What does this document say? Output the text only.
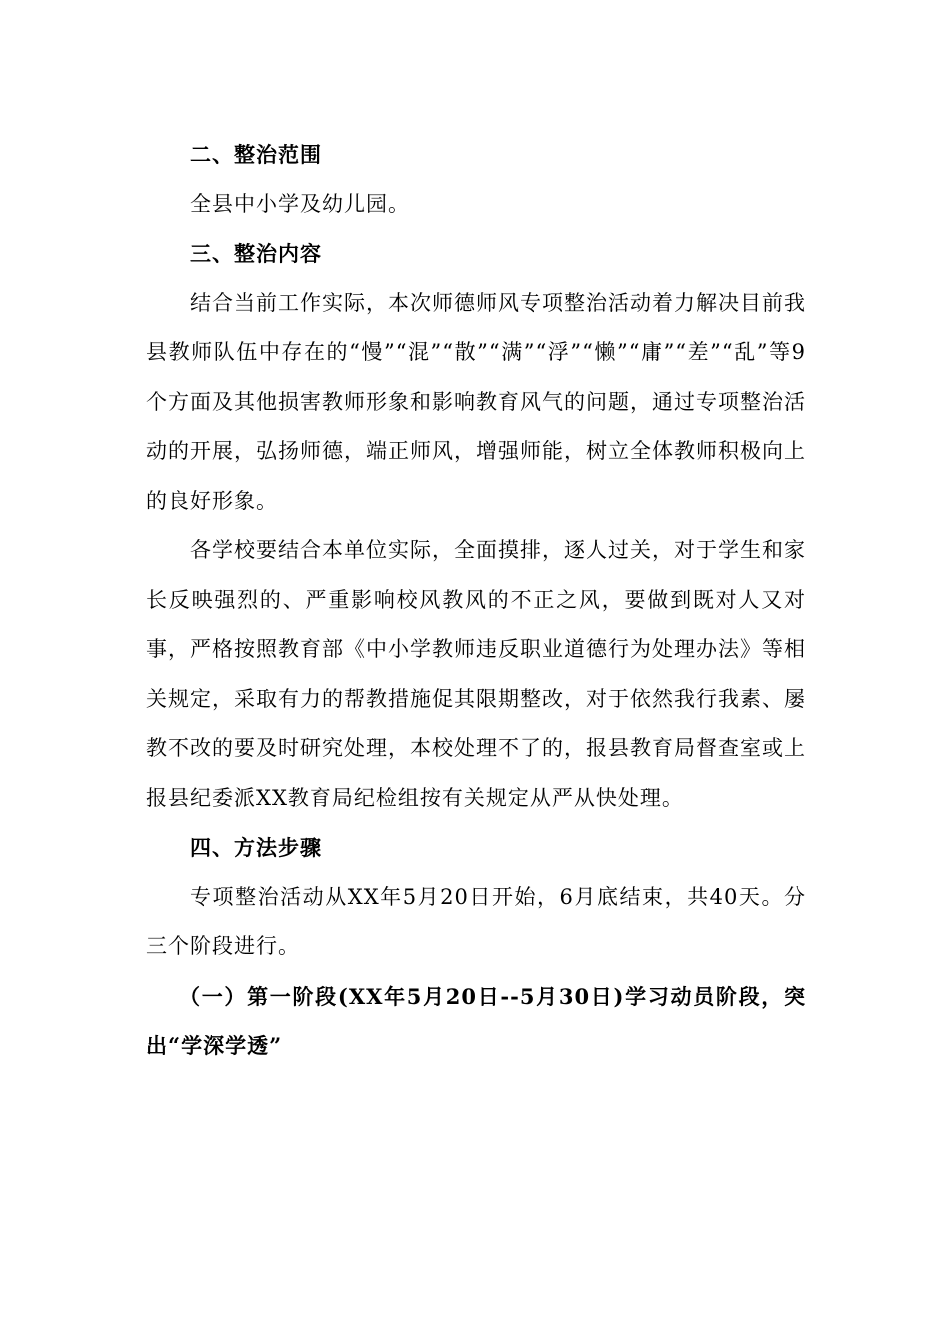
二、整治范围

全县中小学及幼儿园。

三、整治内容

结合当前工作实际，本次师德师风专项整治活动着力解决目前我县教师队伍中存在的“慢”“混”“散”“满”“浮”“懒”“庸”“差”“乱”等9个方面及其他损害教师形象和影响教育风气的问题，通过专项整治活动的开展，弘扬师德，端正师风，增强师能，树立全体教师积极向上的良好形象。

各学校要结合本单位实际，全面摸排，逐人过关，对于学生和家长反映强烈的、严重影响校风教风的不正之风，要做到既对人又对事，严格按照教育部《中小学教师违反职业道德行为处理办法》等相关规定，采取有力的帮教措施促其限期整改，对于依然我行我素、屡教不改的要及时研究处理，本校处理不了的，报县教育局督查室或上报县纪委派XX教育局纪检组按有关规定从严从快处理。

四、方法步骤

专项整治活动从XX年5月20日开始，6月底结束，共40天。分三个阶段进行。

（一）第一阶段(XX年5月20日--5月30日)学习动员阶段，突出“学深学透”
